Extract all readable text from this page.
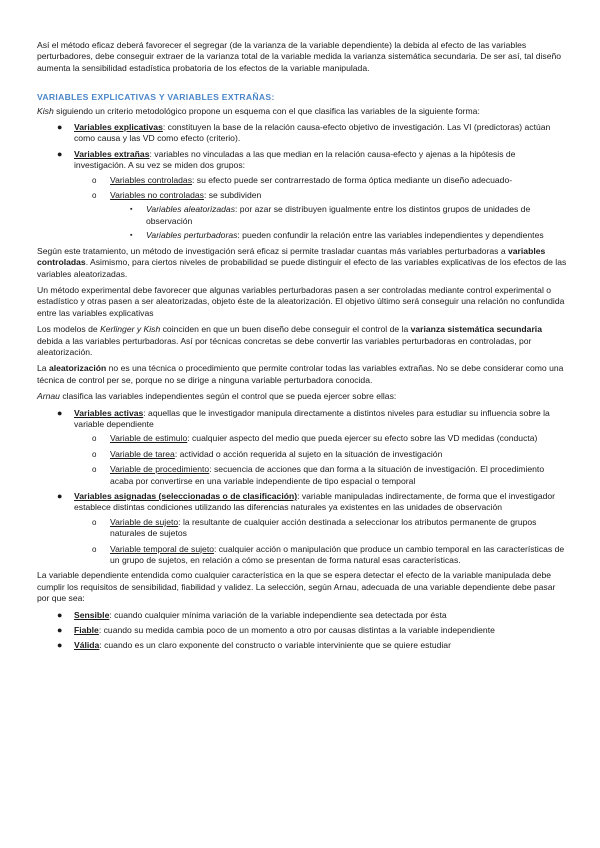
Así el método eficaz deberá favorecer el segregar (de la varianza de la variable dependiente) la debida al efecto de las variables perturbadores, debe conseguir extraer de la varianza total de la variable medida la varianza sistemática secundaria. De ser así, tal diseño aumenta la sensibilidad estadística probatoria de los efectos de la variable manipulada.

VARIABLES EXPLICATIVAS Y VARIABLES EXTRAÑAS:

Kish siguiendo un criterio metodológico propone un esquema con el que clasifica las variables de la siguiente forma:

● Variables explicativas: constituyen la base de la relación causa-efecto objetivo de investigación. Las VI (predictoras) actúan como causa y las VD como efecto (criterio).
● Variables extrañas: variables no vinculadas a las que median en la relación causa-efecto y ajenas a la hipótesis de investigación. A su vez se miden dos grupos:
o Variables controladas: su efecto puede ser contrarrestado de forma óptica mediante un diseño adecuado-
o Variables no controladas: se subdividen
▪ Variables aleatorizadas: por azar se distribuyen igualmente entre los distintos grupos de unidades de observación
▪ Variables perturbadoras: pueden confundir la relación entre las variables independientes y dependientes

Según este tratamiento, un método de investigación será eficaz si permite trasladar cuantas más variables perturbadoras a variables controladas. Asimismo, para ciertos niveles de probabilidad se puede distinguir el efecto de las variables explicativas de los efectos de las variables aleatorizadas.

Un método experimental debe favorecer que algunas variables perturbadoras pasen a ser controladas mediante control experimental o estadístico y otras pasen a ser aleatorizadas, objeto éste de la aleatorización. El objetivo último será conseguir una relación no confundida entre las variables explicativas

Los modelos de Kerlinger y Kish coinciden en que un buen diseño debe conseguir el control de la varianza sistemática secundaria debida a las variables perturbadoras. Así por técnicas concretas se debe convertir las variables perturbadoras en controladas, por aleatorización.

La aleatorización no es una técnica o procedimiento que permite controlar todas las variables extrañas. No se debe considerar como una técnica de control per se, porque no se dirige a ninguna variable perturbadora conocida.

Arnau clasifica las variables independientes según el control que se pueda ejercer sobre ellas:

● Variables activas: aquellas que le investigador manipula directamente a distintos niveles para estudiar su influencia sobre la variable dependiente
o Variable de estimulo: cualquier aspecto del medio que pueda ejercer su efecto sobre las VD medidas (conducta)
o Variable de tarea: actividad o acción requerida al sujeto en la situación de investigación
o Variable de procedimiento: secuencia de acciones que dan forma a la situación de investigación. El procedimiento acaba por convertirse en una variable independiente de tipo espacial o temporal
● Variables asignadas (seleccionadas o de clasificación): variable manipuladas indirectamente, de forma que el investigador establece distintas condiciones utilizando las diferencias naturales ya existentes en las unidades de observación
o Variable de sujeto: la resultante de cualquier acción destinada a seleccionar los atributos permanente de grupos naturales de sujetos
o Variable temporal de sujeto: cualquier acción o manipulación que produce un cambio temporal en las características de un grupo de sujetos, en relación a cómo se presentan de forma natural esas características.

La variable dependiente entendida como cualquier característica en la que se espera detectar el efecto de la variable manipulada debe cumplir los requisitos de sensibilidad, fiabilidad y validez. La selección, según Arnau, adecuada de una variable dependiente debe pasar por que sea:

● Sensible: cuando cualquier mínima variación de la variable independiente sea detectada por ésta
● Fiable: cuando su medida cambia poco de un momento a otro por causas distintas a la variable independiente
● Válida: cuando es un claro exponente del constructo o variable interviniente que se quiere estudiar
